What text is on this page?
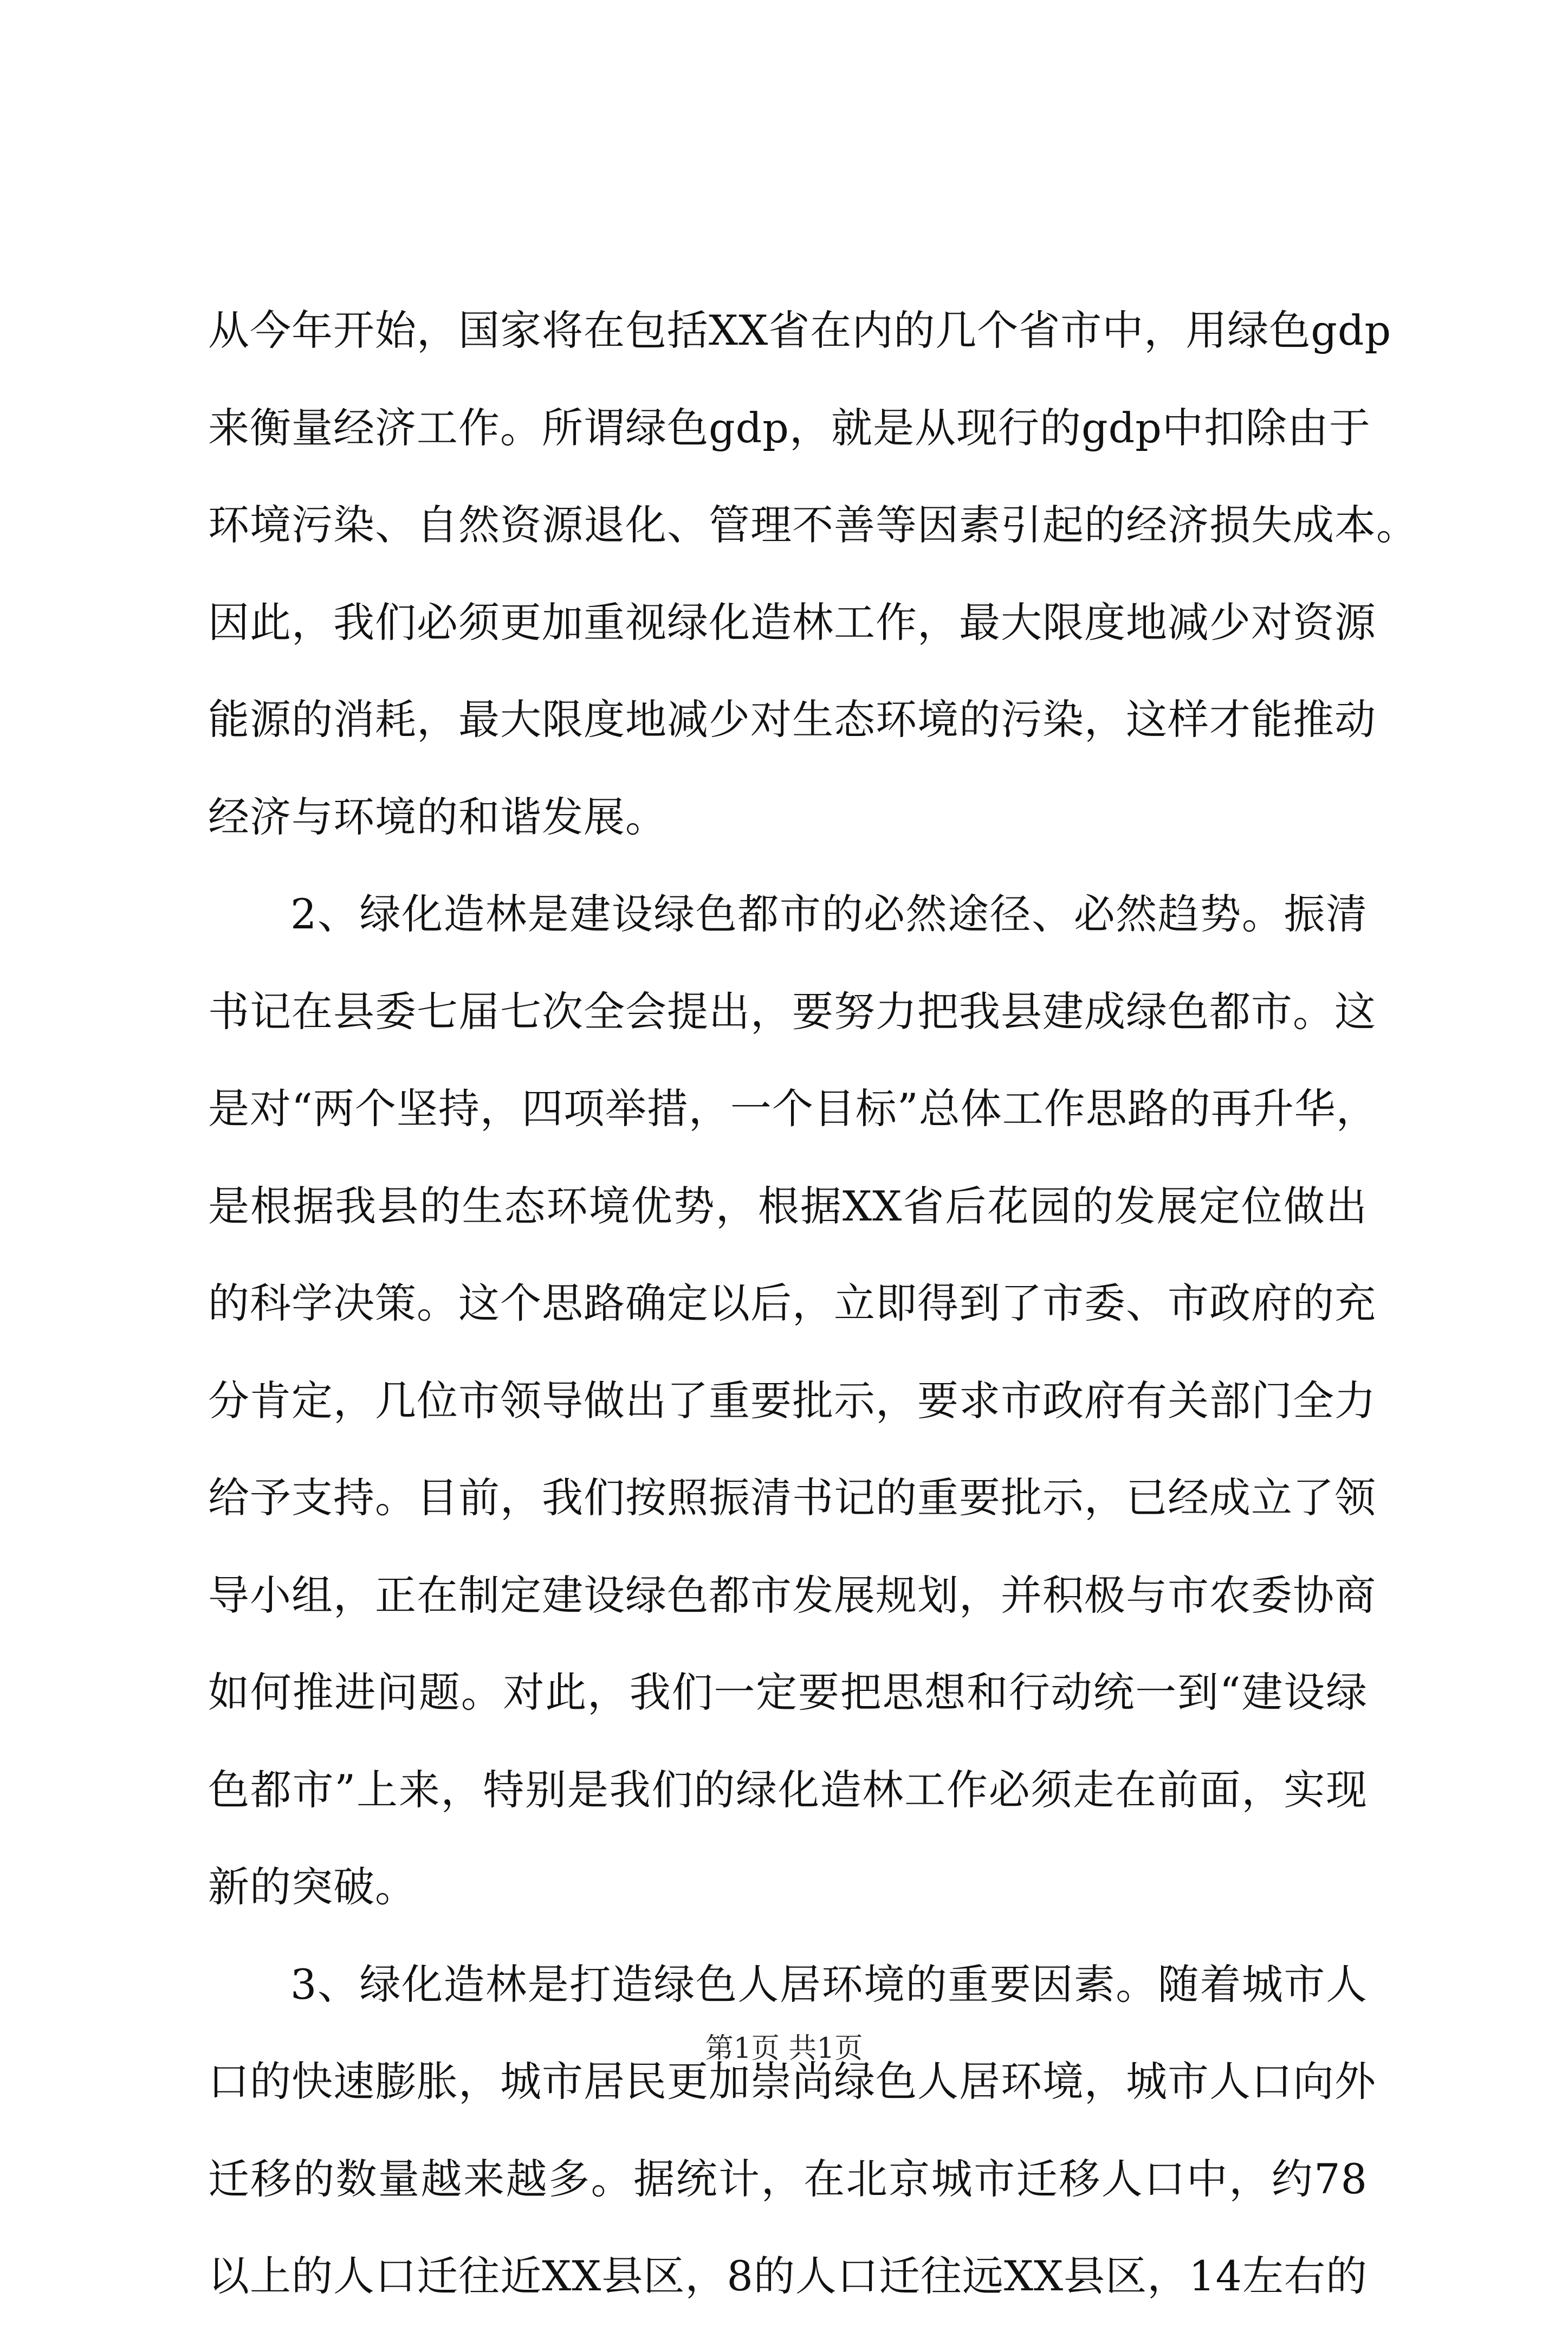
从今年开始，国家将在包括XX省在内的几个省市中，用绿色gdp
来衡量经济工作。所谓绿色gdp，就是从现行的gdp中扣除由于
环境污染、自然资源退化、管理不善等因素引起的经济损失成本。
因此，我们必须更加重视绿化造林工作，最大限度地减少对资源
能源的消耗，最大限度地减少对生态环境的污染，这样才能推动
经济与环境的和谐发展。
2、绿化造林是建设绿色都市的必然途径、必然趋势。振清
书记在县委七届七次全会提出，要努力把我县建成绿色都市。这
是对“两个坚持，四项举措，一个目标”总体工作思路的再升华，
是根据我县的生态环境优势，根据XX省后花园的发展定位做出
的科学决策。这个思路确定以后，立即得到了市委、市政府的充
分肯定，几位市领导做出了重要批示，要求市政府有关部门全力
给予支持。目前，我们按照振清书记的重要批示，已经成立了领
导小组，正在制定建设绿色都市发展规划，并积极与市农委协商
如何推进问题。对此，我们一定要把思想和行动统一到“建设绿
色都市”上来，特别是我们的绿化造林工作必须走在前面，实现
新的突破。
3、绿化造林是打造绿色人居环境的重要因素。随着城市人
口的快速膨胀，城市居民更加崇尚绿色人居环境，城市人口向外
迁移的数量越来越多。据统计，在北京城市迁移人口中，约78
以上的人口迁往近XX县区，8的人口迁往远XX县区，14左右的
第1页 共1页
